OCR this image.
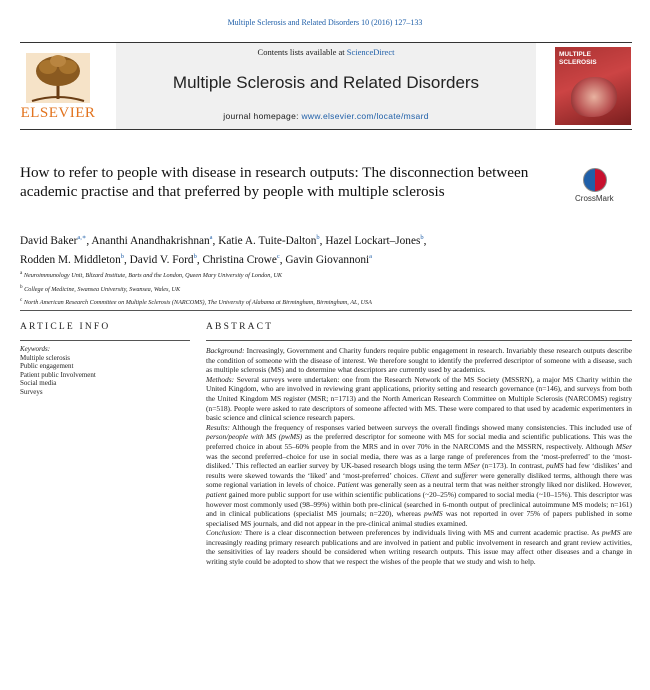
Multiple Sclerosis and Related Disorders 10 (2016) 127–133
ELSEVIER
Contents lists available at ScienceDirect
Multiple Sclerosis and Related Disorders
journal homepage: www.elsevier.com/locate/msard
MULTIPLE
SCLEROSIS
How to refer to people with disease in research outputs: The disconnection between academic practise and that preferred by people with multiple sclerosis	CrossMark
David Baker$^{a,∗}$, Ananthi Anandhakrishnan$^a$, Katie A. Tuite-Dalton$^b$, Hazel Lockart–Jones$^b$,
Rodden M. Middleton$^b$, David V. Ford$^b$, Christina Crowe$^c$, Gavin Giovannoni$^a$
$^a$ Neuroimmunology Unit, Blizard Institute, Barts and the London, Queen Mary University of London, UK
$^b$ College of Medicine, Swansea University, Swansea, Wales, UK
$^c$ North American Research Committee on Multiple Sclerosis (NARCOMS), The University of Alabama at Birmingham, Birmingham, AL, USA
ARTICLE INFO
Keywords:
Multiple sclerosis
Public engagement
Patient public Involvement
Social media
Surveys
ABSTRACT

Background: Increasingly, Government and Charity funders require public engagement in research. Invariably these research outputs describe the condition of someone with the disease of interest. We therefore sought to identify the preferred descriptor of someone with a disease, such as multiple sclerosis (MS) and to determine what descriptors are currently used by academics.

Methods: Several surveys were undertaken: one from the Research Network of the MS Society (MSSRN), a major MS Charity within the United Kingdom, who are involved in reviewing grant applications, priority setting and research governance (n=146), and surveys from both the United Kingdom MS register (MSR; n=1713) and the North American Research Committee on Multiple Sclerosis (NARCOMS) registry (n=518). People were asked to rate descriptors of someone affected with MS. These were compared to that used by academic experimenters in basic science and clinical science research papers.

Results: Although the frequency of responses varied between surveys the overall findings showed many consistencies. This included use of person/people with MS (pwMS) as the preferred descriptor for someone with MS for social media and scientific publications. This was the preferred choice in about 55–60% people from the MRS and in over 70% in the NARCOMS and the MSSRN, respectively. Although MSer was the second preferred–choice for use in social media, there was as a large range of preferences from the ‘most-preferred’ to the ‘most-disliked.’ This reflected an earlier survey by UK-based research blogs using the term MSer (n=173). In contrast, puMS had few ‘dislikes’ and results were skewed towards the ‘liked’ and ‘most-preferred’ choices. Client and sufferer were generally disliked terms, although there was some regional variation in levels of choice. Patient was generally seen as a neutral term that was neither strongly liked nor disliked. However, patient gained more public support for use within scientific publications (~20–25%) compared to social media (~10–15%). This descriptor was however most commonly used (98–99%) within both pre-clinical (searched in 6-month output of preclinical autoimmune MS models; n=161) and in clinical publications (specialist MS journals; n=220), whereas pwMS was not reported in over 75% of papers published in some specialised MS journals, and did not appear in the pre-clinical animal studies examined.

Conclusion: There is a clear disconnection between preferences by individuals living with MS and current academic practise. As pwMS are increasingly reading primary research publications and are involved in patient and public involvement in research and grant review activities, the sensitivities of lay readers should be considered when writing research outputs. This issue may affect other diseases and a change in writing style could be adopted to show that we respect the wishes of the people that we study and wish to help.
